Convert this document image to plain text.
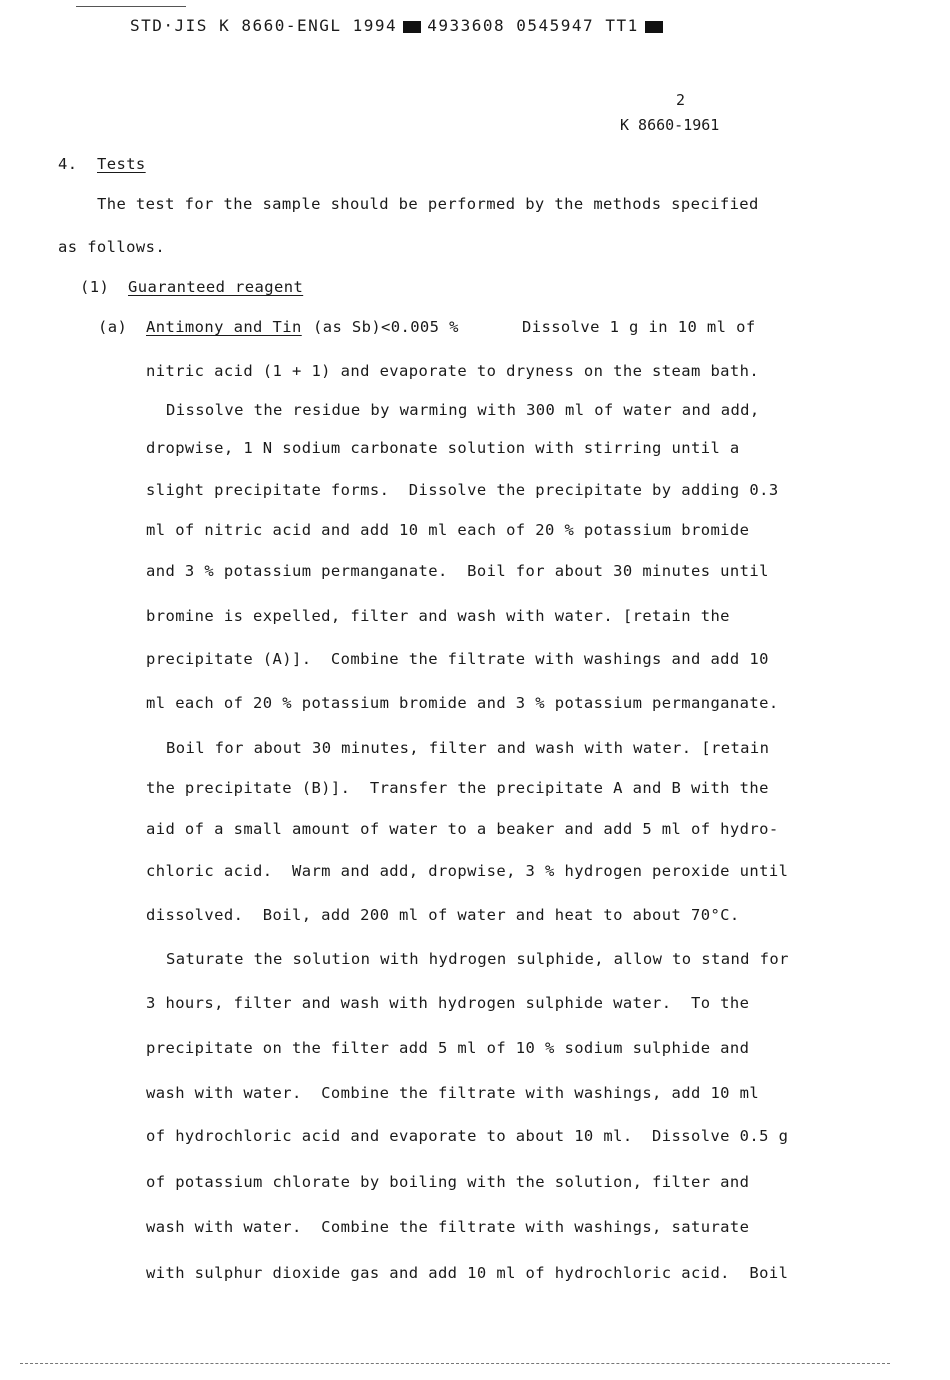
STD·JIS K 8660-ENGL 1994 4933608 0545947 TT1
2
K 8660-1961
4. Tests
The test for the sample should be performed by the methods specified
as follows.
(1) Guaranteed reagent
(a) Antimony and Tin (as Sb) <0.005 %	Dissolve 1 g in 10 ml of
nitric acid (1 + 1) and evaporate to dryness on the steam bath.
Dissolve the residue by warming with 300 ml of water and add,
dropwise, 1 N sodium carbonate solution with stirring until a
slight precipitate forms.  Dissolve the precipitate by adding 0.3
ml of nitric acid and add 10 ml each of 20 % potassium bromide
and 3 % potassium permanganate.  Boil for about 30 minutes until
bromine is expelled, filter and wash with water. [retain the
precipitate (A)].  Combine the filtrate with washings and add 10
ml each of 20 % potassium bromide and 3 % potassium permanganate.
Boil for about 30 minutes, filter and wash with water. [retain
the precipitate (B)].  Transfer the precipitate A and B with the
aid of a small amount of water to a beaker and add 5 ml of hydro-
chloric acid.  Warm and add, dropwise, 3 % hydrogen peroxide until
dissolved.  Boil, add 200 ml of water and heat to about 70°C.
Saturate the solution with hydrogen sulphide, allow to stand for
3 hours, filter and wash with hydrogen sulphide water.  To the
precipitate on the filter add 5 ml of 10 % sodium sulphide and
wash with water.  Combine the filtrate with washings, add 10 ml
of hydrochloric acid and evaporate to about 10 ml.  Dissolve 0.5 g
of potassium chlorate by boiling with the solution, filter and
wash with water.  Combine the filtrate with washings, saturate
with sulphur dioxide gas and add 10 ml of hydrochloric acid.  Boil
